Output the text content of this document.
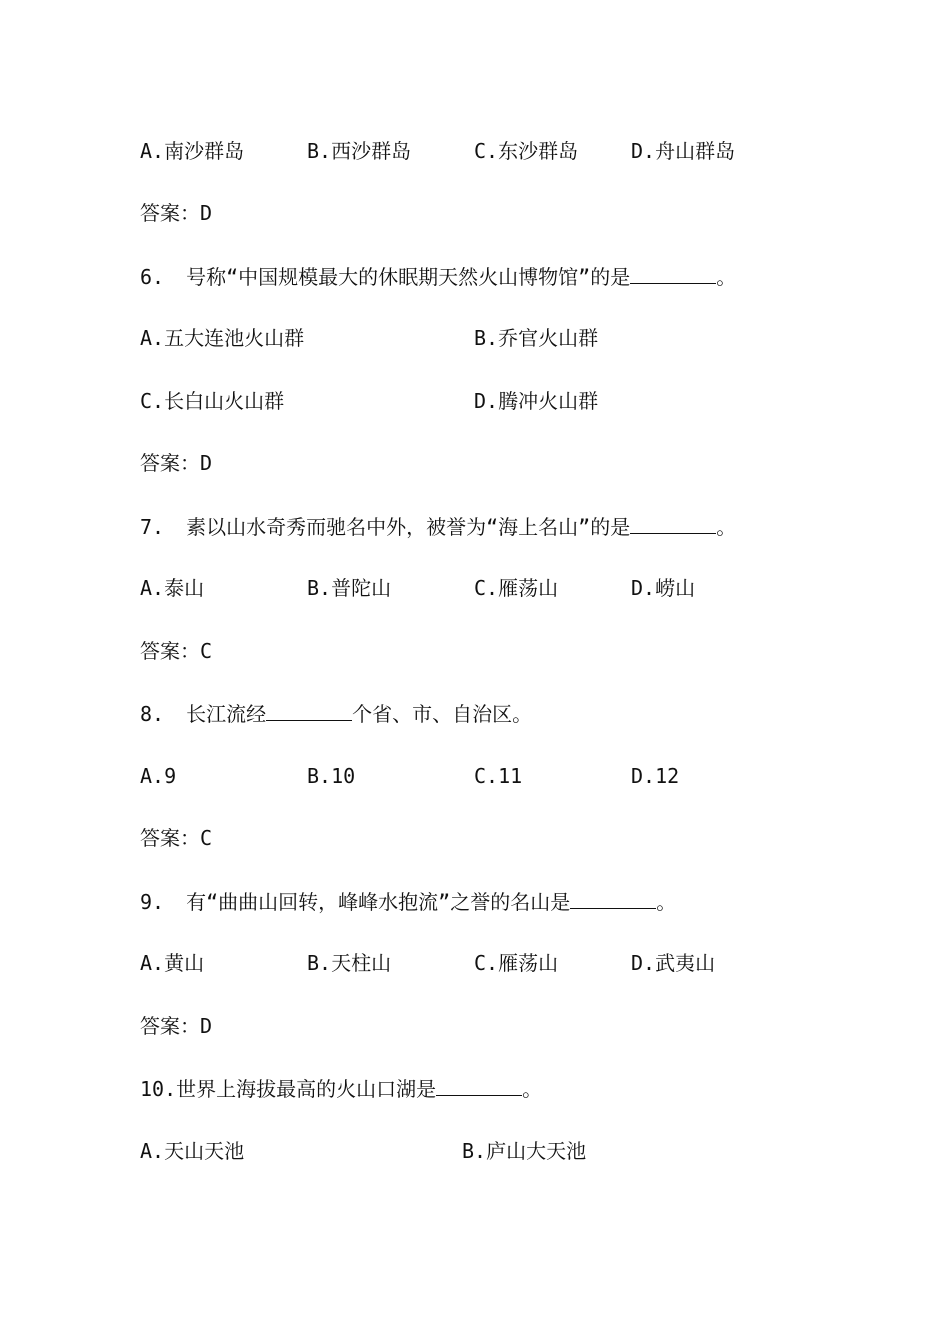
A.南沙群岛	B.西沙群岛	C.东沙群岛	D.舟山群岛
答案：D
6. 号称“中国规模最大的休眠期天然火山博物馆”的是	。
A.五大连池火山群	B.乔官火山群
C.长白山火山群	D.腾冲火山群
答案：D
7. 素以山水奇秀而驰名中外，被誉为“海上名山”的是	。
A.泰山	B.普陀山	C.雁荡山	D.崂山
答案：C
8. 长江流经	个省、市、自治区。
A.9	B.10	C.11	D.12
答案：C
9. 有“曲曲山回转，峰峰水抱流”之誉的名山是	。
A.黄山	B.天柱山	C.雁荡山	D.武夷山
答案：D
10.世界上海拔最高的火山口湖是	。
A.天山天池	B.庐山大天池
